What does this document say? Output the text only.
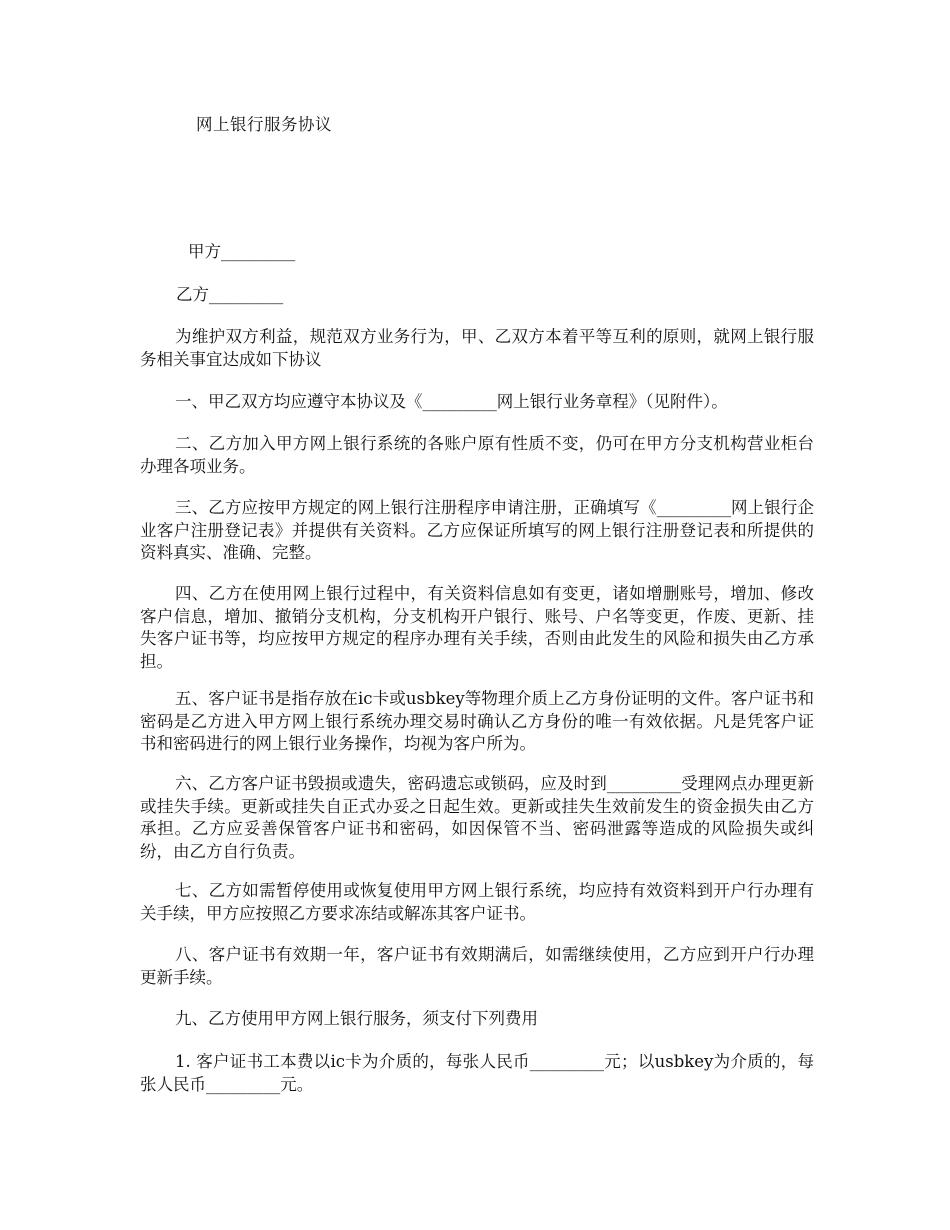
网上银行服务协议
甲方_________
乙方_________

为维护双方利益，规范双方业务行为，甲、乙双方本着平等互利的原则，就网上银行服务相关事宜达成如下协议

一、甲乙双方均应遵守本协议及《_________网上银行业务章程》（见附件）。

二、乙方加入甲方网上银行系统的各账户原有性质不变，仍可在甲方分支机构营业柜台办理各项业务。

三、乙方应按甲方规定的网上银行注册程序申请注册，正确填写《_________网上银行企业客户注册登记表》并提供有关资料。乙方应保证所填写的网上银行注册登记表和所提供的资料真实、准确、完整。

四、乙方在使用网上银行过程中，有关资料信息如有变更，诸如增删账号，增加、修改客户信息，增加、撤销分支机构，分支机构开户银行、账号、户名等变更，作废、更新、挂失客户证书等，均应按甲方规定的程序办理有关手续，否则由此发生的风险和损失由乙方承担。

五、客户证书是指存放在ic卡或usbkey等物理介质上乙方身份证明的文件。客户证书和密码是乙方进入甲方网上银行系统办理交易时确认乙方身份的唯一有效依据。凡是凭客户证书和密码进行的网上银行业务操作，均视为客户所为。

六、乙方客户证书毁损或遗失，密码遗忘或锁码，应及时到_________受理网点办理更新或挂失手续。更新或挂失自正式办妥之日起生效。更新或挂失生效前发生的资金损失由乙方承担。乙方应妥善保管客户证书和密码，如因保管不当、密码泄露等造成的风险损失或纠纷，由乙方自行负责。

七、乙方如需暂停使用或恢复使用甲方网上银行系统，均应持有效资料到开户行办理有关手续，甲方应按照乙方要求冻结或解冻其客户证书。

八、客户证书有效期一年，客户证书有效期满后，如需继续使用，乙方应到开户行办理更新手续。

九、乙方使用甲方网上银行服务，须支付下列费用

1. 客户证书工本费以ic卡为介质的，每张人民币_________元；以usbkey为介质的，每张人民币_________元。
